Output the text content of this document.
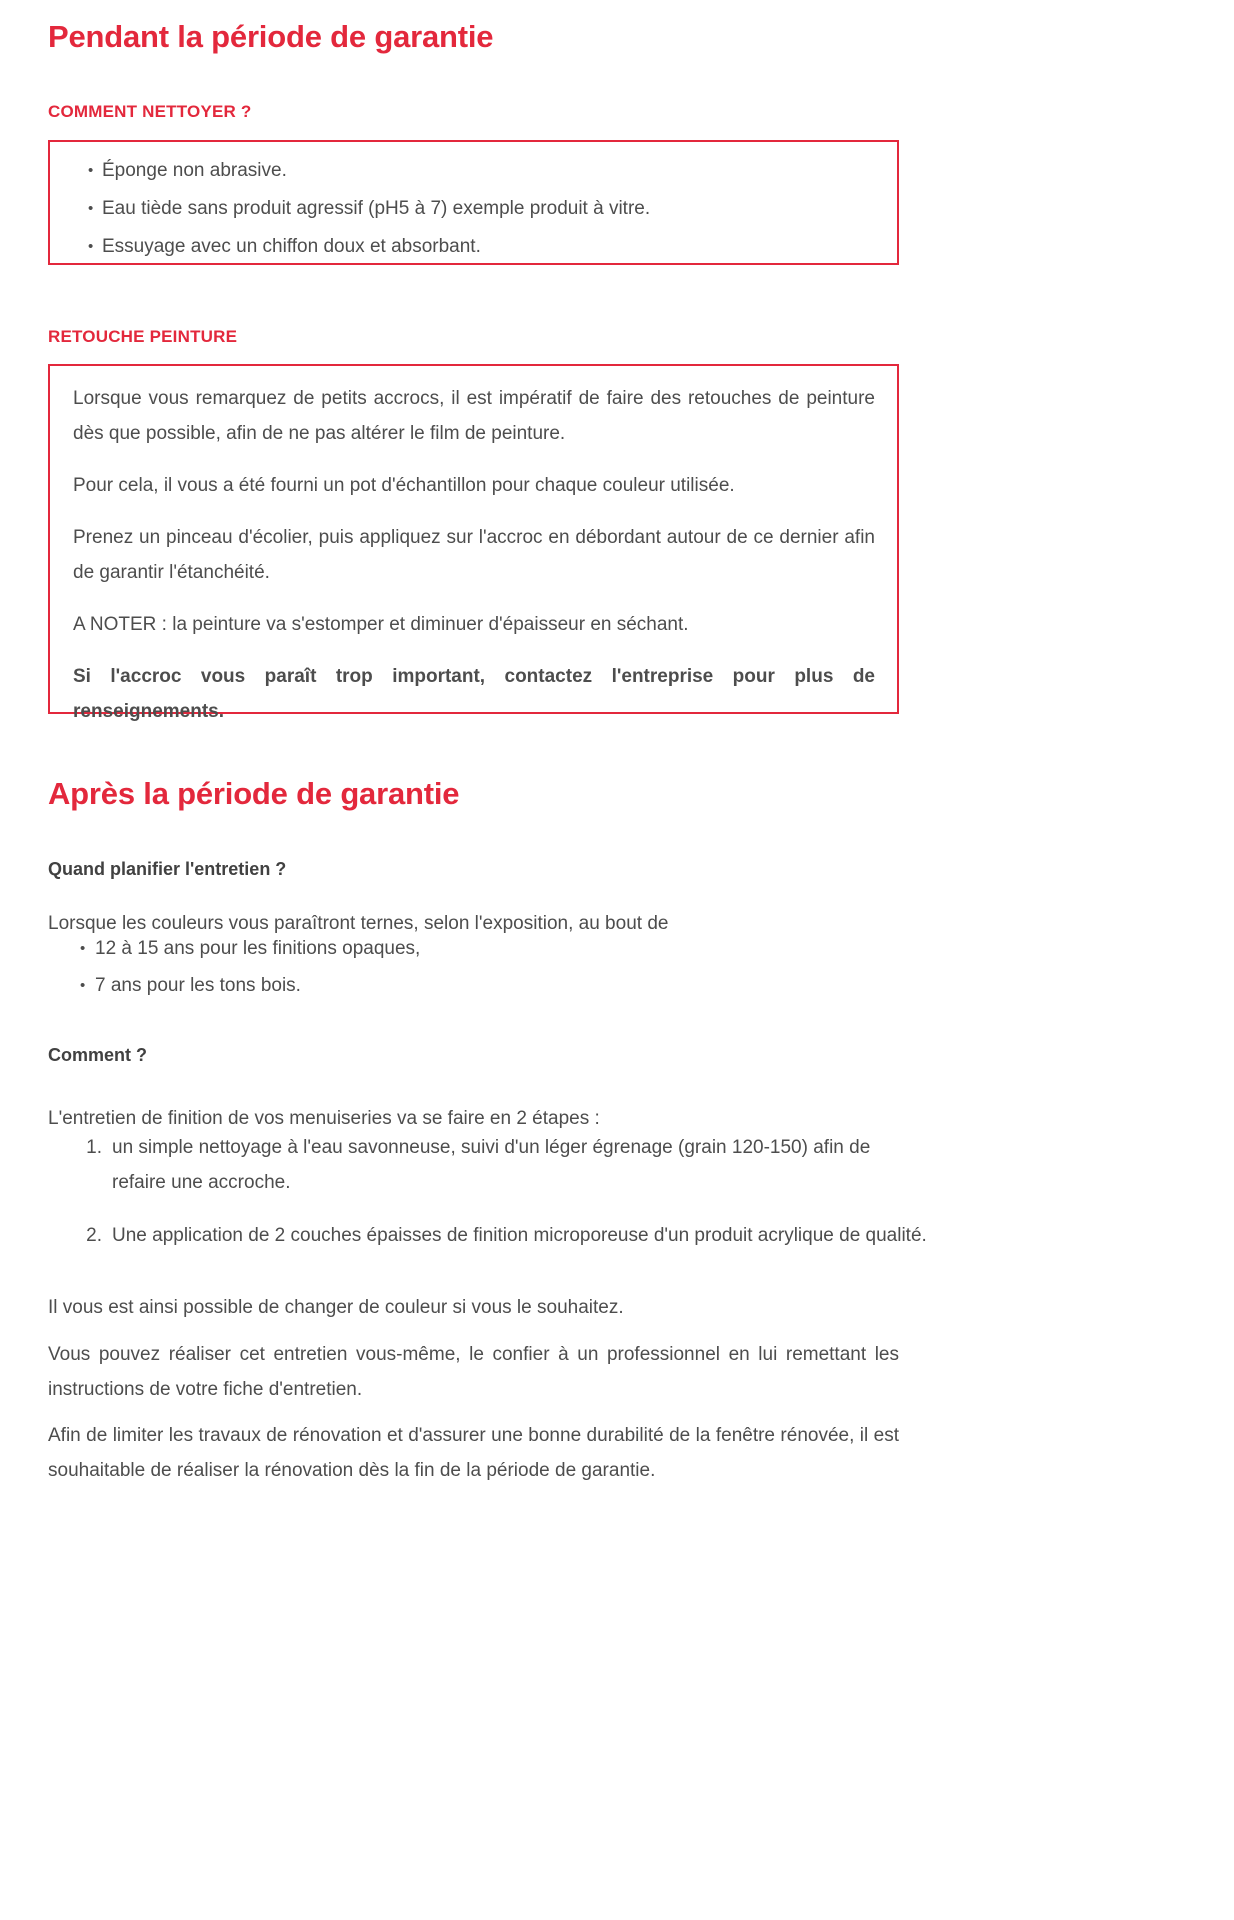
Pendant la période de garantie
COMMENT NETTOYER ?
• Éponge non abrasive.
• Eau tiède sans produit agressif (pH5 à 7) exemple produit à vitre.
• Essuyage avec un chiffon doux et absorbant.
RETOUCHE PEINTURE

Lorsque vous remarquez de petits accrocs, il est impératif de faire des retouches de peinture dès que possible, afin de ne pas altérer le film de peinture.

Pour cela, il vous a été fourni un pot d'échantillon pour chaque couleur utilisée.

Prenez un pinceau d'écolier, puis appliquez sur l'accroc en débordant autour de ce dernier afin de garantir l'étanchéité.

A NOTER : la peinture va s'estomper et diminuer d'épaisseur en séchant.

Si l'accroc vous paraît trop important, contactez l'entreprise pour plus de renseignements.

Après la période de garantie
Quand planifier l'entretien ?

Lorsque les couleurs vous paraîtront ternes, selon l'exposition, au bout de

• 12 à 15 ans pour les finitions opaques,
• 7 ans pour les tons bois.
Comment ?

L'entretien de finition de vos menuiseries va se faire en 2 étapes :

1. un simple nettoyage à l'eau savonneuse, suivi d'un léger égrenage (grain 120-150) afin de refaire une accroche.
2. Une application de 2 couches épaisses de finition microporeuse d'un produit acrylique de qualité.

Il vous est ainsi possible de changer de couleur si vous le souhaitez.

Vous pouvez réaliser cet entretien vous-même, le confier à un professionnel en lui remettant les instructions de votre fiche d'entretien.

Afin de limiter les travaux de rénovation et d'assurer une bonne durabilité de la fenêtre rénovée, il est souhaitable de réaliser la rénovation dès la fin de la période de garantie.
